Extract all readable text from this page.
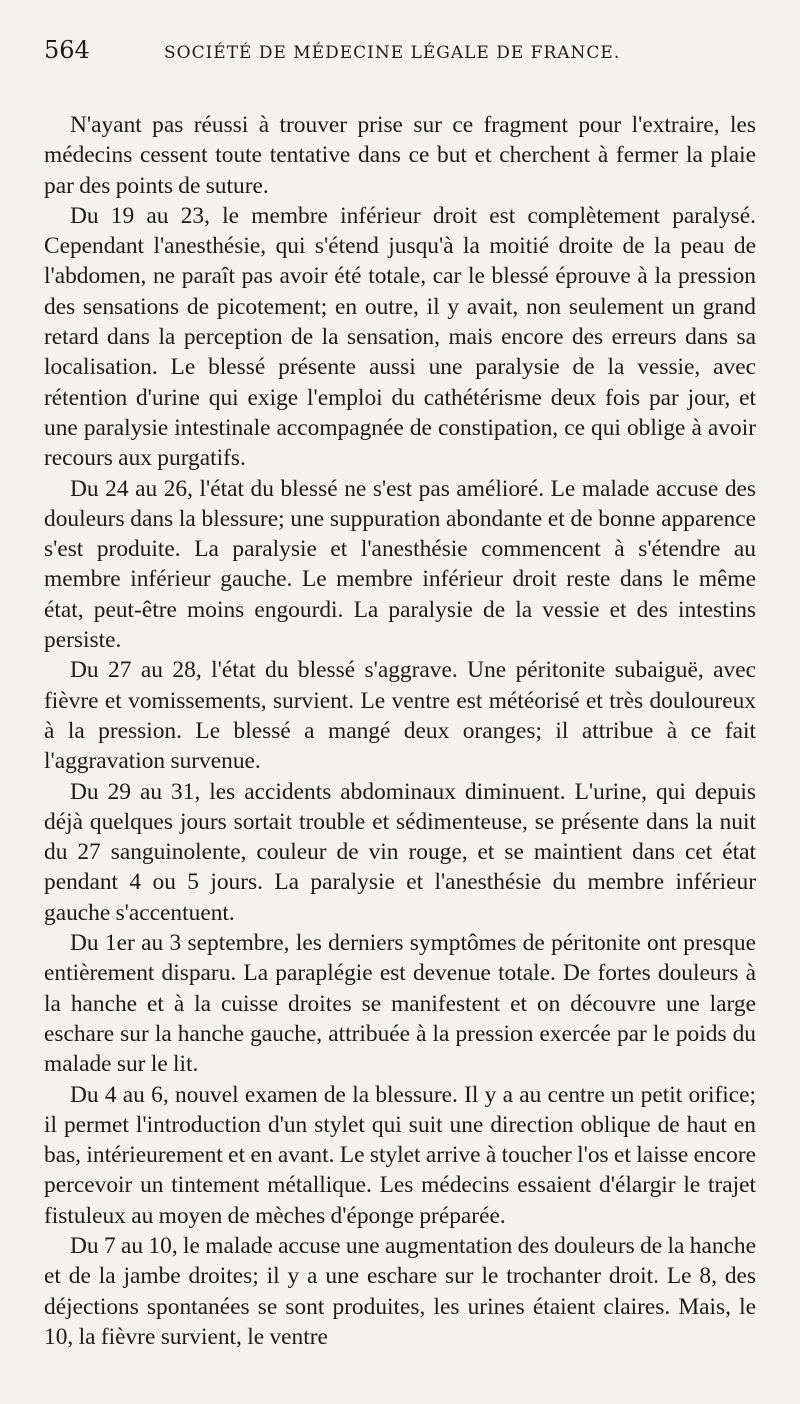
564	SOCIÉTÉ DE MÉDECINE LÉGALE DE FRANCE.

N'ayant pas réussi à trouver prise sur ce fragment pour l'extraire, les médecins cessent toute tentative dans ce but et cherchent à fermer la plaie par des points de suture.

Du 19 au 23, le membre inférieur droit est complètement paralysé. Cependant l'anesthésie, qui s'étend jusqu'à la moitié droite de la peau de l'abdomen, ne paraît pas avoir été totale, car le blessé éprouve à la pression des sensations de picotement; en outre, il y avait, non seulement un grand retard dans la perception de la sensation, mais encore des erreurs dans sa localisation. Le blessé présente aussi une paralysie de la vessie, avec rétention d'urine qui exige l'emploi du cathétérisme deux fois par jour, et une paralysie intestinale accompagnée de constipation, ce qui oblige à avoir recours aux purgatifs.

Du 24 au 26, l'état du blessé ne s'est pas amélioré. Le malade accuse des douleurs dans la blessure; une suppuration abondante et de bonne apparence s'est produite. La paralysie et l'anesthésie commencent à s'étendre au membre inférieur gauche. Le membre inférieur droit reste dans le même état, peut-être moins engourdi. La paralysie de la vessie et des intestins persiste.

Du 27 au 28, l'état du blessé s'aggrave. Une péritonite subaiguë, avec fièvre et vomissements, survient. Le ventre est météorisé et très douloureux à la pression. Le blessé a mangé deux oranges; il attribue à ce fait l'aggravation survenue.

Du 29 au 31, les accidents abdominaux diminuent. L'urine, qui depuis déjà quelques jours sortait trouble et sédimenteuse, se présente dans la nuit du 27 sanguinolente, couleur de vin rouge, et se maintient dans cet état pendant 4 ou 5 jours. La paralysie et l'anesthésie du membre inférieur gauche s'accentuent.

Du 1er au 3 septembre, les derniers symptômes de péritonite ont presque entièrement disparu. La paraplégie est devenue totale. De fortes douleurs à la hanche et à la cuisse droites se manifestent et on découvre une large eschare sur la hanche gauche, attribuée à la pression exercée par le poids du malade sur le lit.

Du 4 au 6, nouvel examen de la blessure. Il y a au centre un petit orifice; il permet l'introduction d'un stylet qui suit une direction oblique de haut en bas, intérieurement et en avant. Le stylet arrive à toucher l'os et laisse encore percevoir un tintement métallique. Les médecins essaient d'élargir le trajet fistuleux au moyen de mèches d'éponge préparée.

Du 7 au 10, le malade accuse une augmentation des douleurs de la hanche et de la jambe droites; il y a une eschare sur le trochanter droit. Le 8, des déjections spontanées se sont produites, les urines étaient claires. Mais, le 10, la fièvre survient, le ventre
